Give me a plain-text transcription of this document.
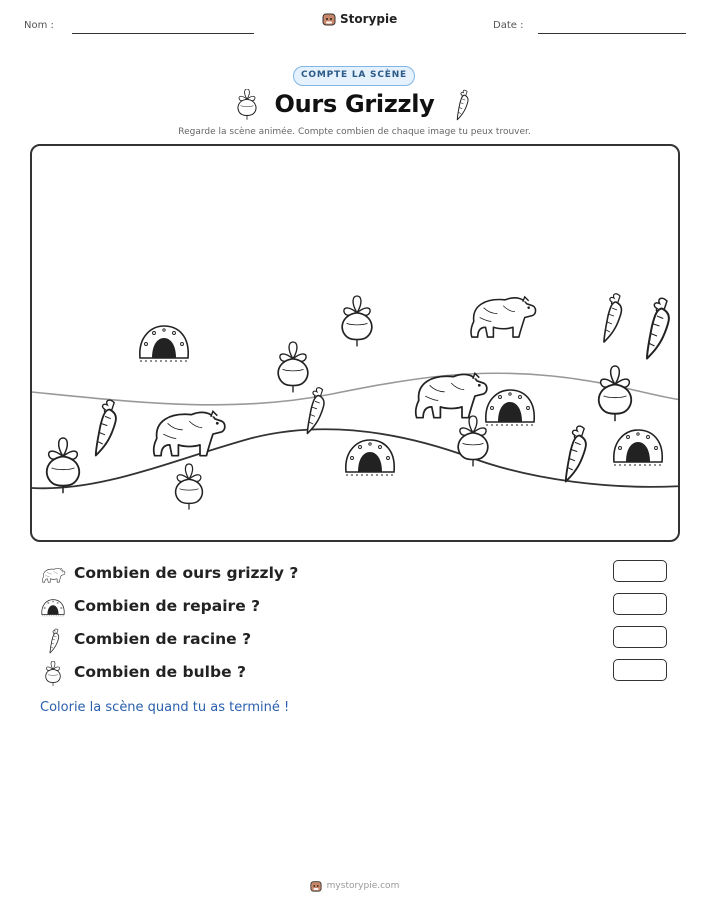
Nom :	Storypie	Date :
COMPTE LA SCÈNE
Ours Grizzly
Regarde la scène animée. Compte combien de chaque image tu peux trouver.
Combien de ours grizzly ?
Combien de repaire ?
Combien de racine ?
Combien de bulbe ?
Colorie la scène quand tu as terminé !
mystorypie.com
